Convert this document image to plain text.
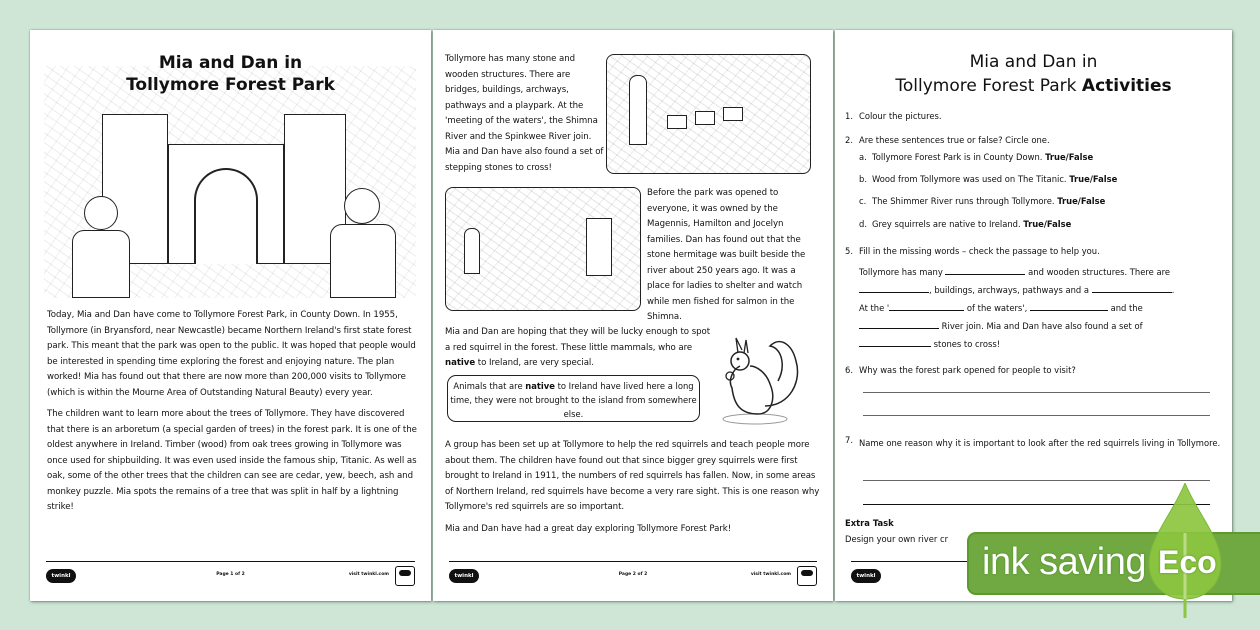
Mia and Dan in
Tollymore Forest Park

Today, Mia and Dan have come to Tollymore Forest Park, in County Down. In 1955, Tollymore (in Bryansford, near Newcastle) became Northern Ireland's first state forest park. This meant that the park was open to the public. It was hoped that people would be interested in spending time exploring the forest and enjoying nature. The plan worked! Mia has found out that there are now more than 200,000 visits to Tollymore (which is within the Mourne Area of Outstanding Natural Beauty) every year.

The children want to learn more about the trees of Tollymore. They have discovered that there is an arboretum (a special garden of trees) in the forest park. It is one of the oldest anywhere in Ireland. Timber (wood) from oak trees growing in Tollymore was once used for shipbuilding. It was even used inside the famous ship, Titanic. As well as oak, some of the other trees that the children can see are cedar, yew, beech, ash and monkey puzzle. Mia spots the remains of a tree that was split in half by a lightning strike!

twinkl	Page 1 of 2	visit twinkl.com
Tollymore has many stone and wooden structures. There are bridges, buildings, archways, pathways and a playpark. At the 'meeting of the waters', the Shimna River and the Spinkwee River join. Mia and Dan have also found a set of stepping stones to cross!
Before the park was opened to everyone, it was owned by the Magennis, Hamilton and Jocelyn families. Dan has found out that the stone hermitage was built beside the river about 250 years ago. It was a place for ladies to shelter and watch while men fished for salmon in the Shimna.
Mia and Dan are hoping that they will be lucky enough to spot a red squirrel in the forest. These little mammals, who are native to Ireland, are very special.
Animals that are native to Ireland have lived here a long time, they were not brought to the island from somewhere else.

A group has been set up at Tollymore to help the red squirrels and teach people more about them. The children have found out that since bigger grey squirrels were first brought to Ireland in 1911, the numbers of red squirrels has fallen. Now, in some areas of Northern Ireland, red squirrels have become a very rare sight. This is one reason why Tollymore's red squirrels are so important.

Mia and Dan have had a great day exploring Tollymore Forest Park!

twinkl	Page 2 of 2	visit twinkl.com
Mia and Dan in
Tollymore Forest Park Activities
1. Colour the pictures.
2. Are these sentences true or false? Circle one.
a. Tollymore Forest Park is in County Down. True/False
b. Wood from Tollymore was used on The Titanic. True/False
c. The Shimmer River runs through Tollymore. True/False
d. Grey squirrels are native to Ireland. True/False
5. Fill in the missing words – check the passage to help you.
Tollymore has many	and wooden structures. There are
, buildings, archways, pathways and a	.
At the '	of the waters',	and the
River join. Mia and Dan have also found a set of
stones to cross!
6. Why was the forest park opened for people to visit?
7. Name one reason why it is important to look after the red squirrels living in Tollymore.
Extra Task
Design your own river cr
twinkl	ink saving Eco
